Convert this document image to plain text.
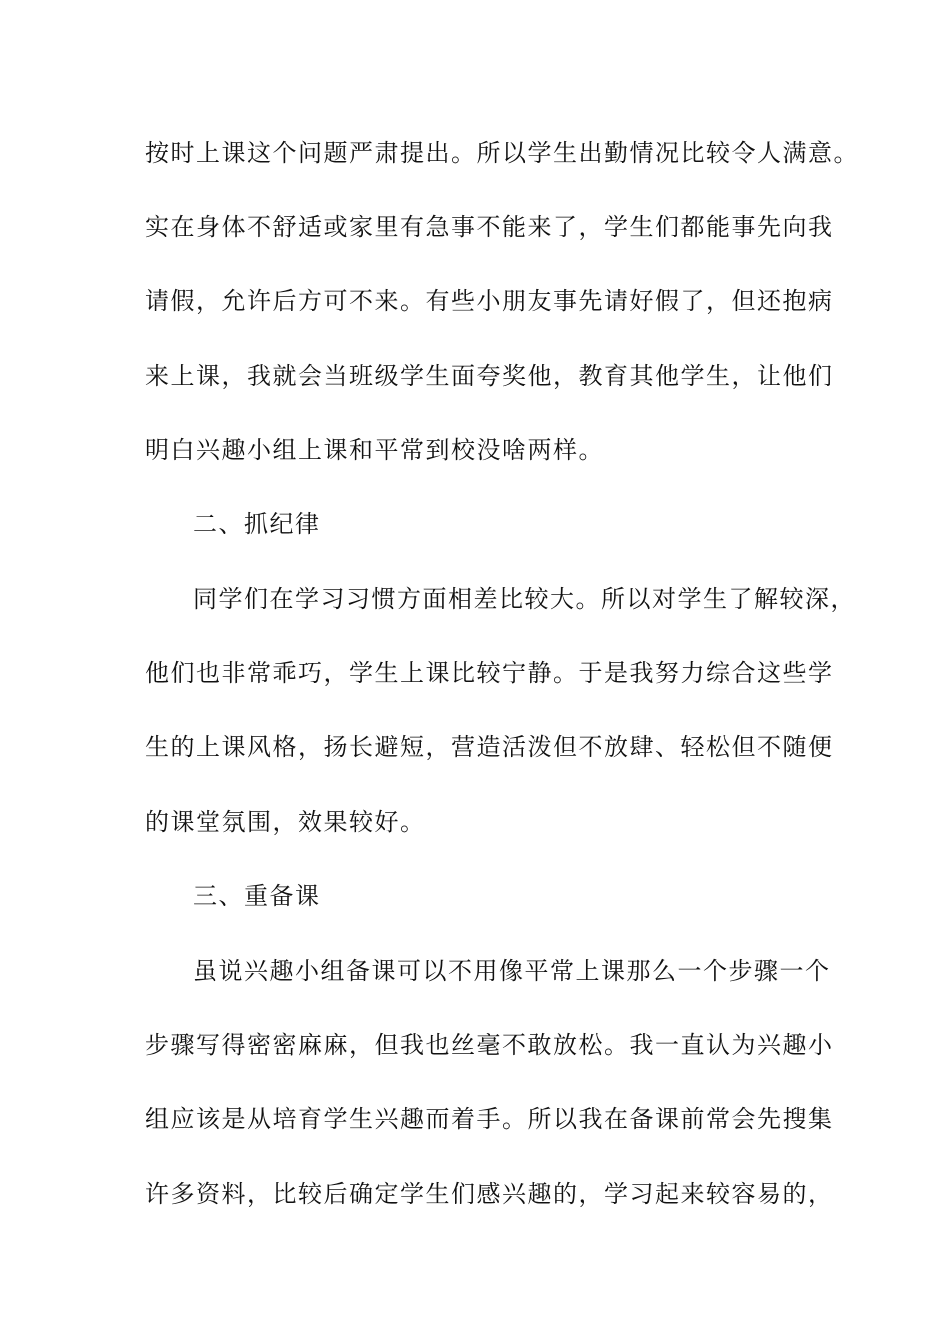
按时上课这个问题严肃提出。所以学生出勤情况比较令人满意。
实在身体不舒适或家里有急事不能来了，学生们都能事先向我
请假，允许后方可不来。有些小朋友事先请好假了，但还抱病
来上课，我就会当班级学生面夸奖他，教育其他学生，让他们
明白兴趣小组上课和平常到校没啥两样。
二、抓纪律
同学们在学习习惯方面相差比较大。所以对学生了解较深，
他们也非常乖巧，学生上课比较宁静。于是我努力综合这些学
生的上课风格，扬长避短，营造活泼但不放肆、轻松但不随便
的课堂氛围，效果较好。
三、重备课
虽说兴趣小组备课可以不用像平常上课那么一个步骤一个
步骤写得密密麻麻，但我也丝毫不敢放松。我一直认为兴趣小
组应该是从培育学生兴趣而着手。所以我在备课前常会先搜集
许多资料，比较后确定学生们感兴趣的，学习起来较容易的，
